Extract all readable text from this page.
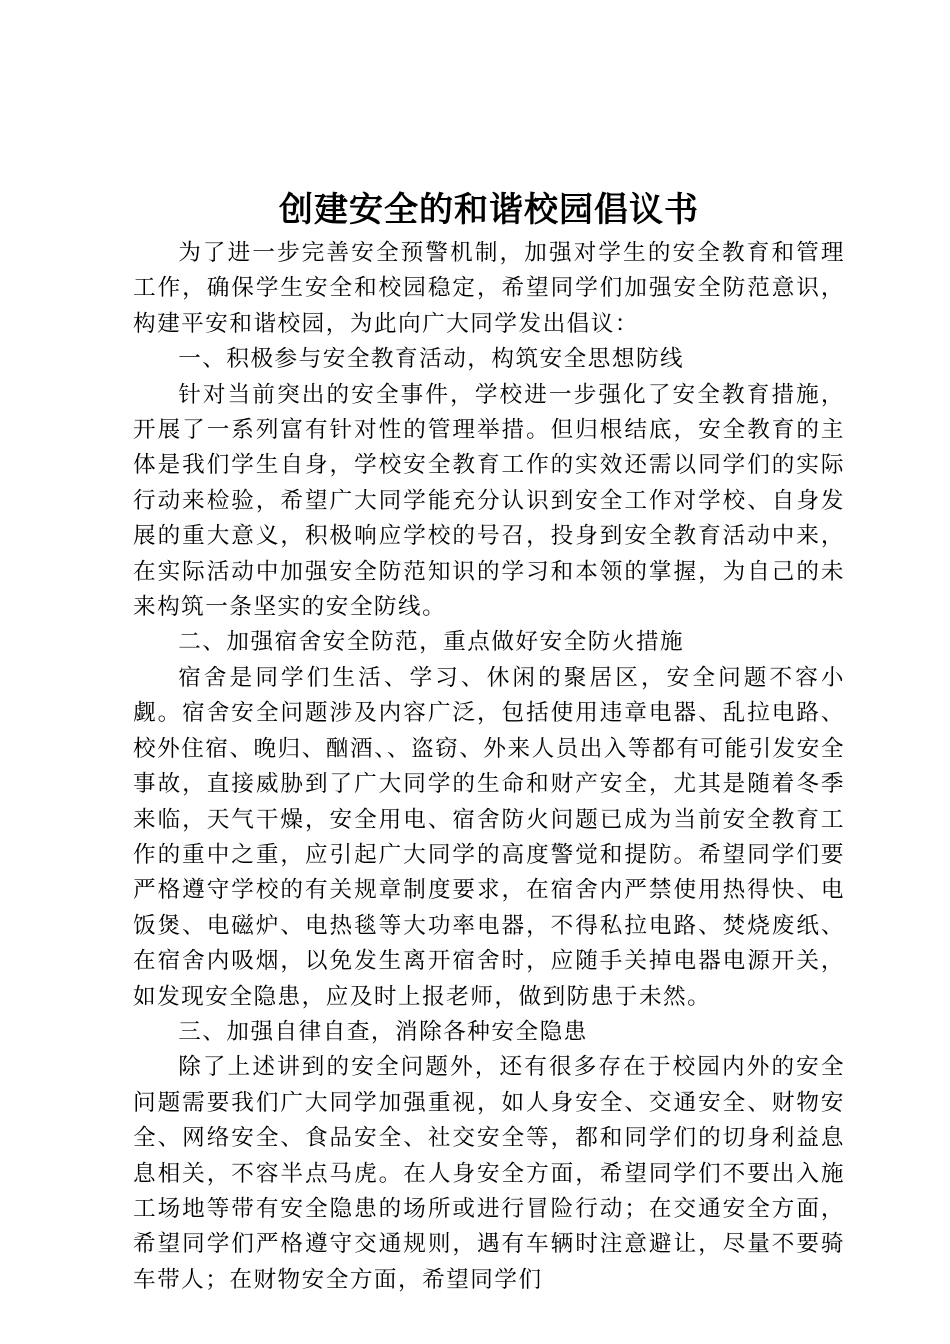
创建安全的和谐校园倡议书

为了进一步完善安全预警机制，加强对学生的安全教育和管理工作，确保学生安全和校园稳定，希望同学们加强安全防范意识，构建平安和谐校园，为此向广大同学发出倡议：

一、积极参与安全教育活动，构筑安全思想防线

针对当前突出的安全事件，学校进一步强化了安全教育措施，开展了一系列富有针对性的管理举措。但归根结底，安全教育的主体是我们学生自身，学校安全教育工作的实效还需以同学们的实际行动来检验，希望广大同学能充分认识到安全工作对学校、自身发展的重大意义，积极响应学校的号召，投身到安全教育活动中来，在实际活动中加强安全防范知识的学习和本领的掌握，为自己的未来构筑一条坚实的安全防线。

二、加强宿舍安全防范，重点做好安全防火措施

宿舍是同学们生活、学习、休闲的聚居区，安全问题不容小觑。宿舍安全问题涉及内容广泛，包括使用违章电器、乱拉电路、校外住宿、晚归、酗酒、、盗窃、外来人员出入等都有可能引发安全事故，直接威胁到了广大同学的生命和财产安全，尤其是随着冬季来临，天气干燥，安全用电、宿舍防火问题已成为当前安全教育工作的重中之重，应引起广大同学的高度警觉和提防。希望同学们要严格遵守学校的有关规章制度要求，在宿舍内严禁使用热得快、电饭煲、电磁炉、电热毯等大功率电器，不得私拉电路、焚烧废纸、在宿舍内吸烟，以免发生离开宿舍时，应随手关掉电器电源开关，如发现安全隐患，应及时上报老师，做到防患于未然。

三、加强自律自查，消除各种安全隐患

除了上述讲到的安全问题外，还有很多存在于校园内外的安全问题需要我们广大同学加强重视，如人身安全、交通安全、财物安全、网络安全、食品安全、社交安全等，都和同学们的切身利益息息相关，不容半点马虎。在人身安全方面，希望同学们不要出入施工场地等带有安全隐患的场所或进行冒险行动；在交通安全方面，希望同学们严格遵守交通规则，遇有车辆时注意避让，尽量不要骑车带人；在财物安全方面，希望同学们
